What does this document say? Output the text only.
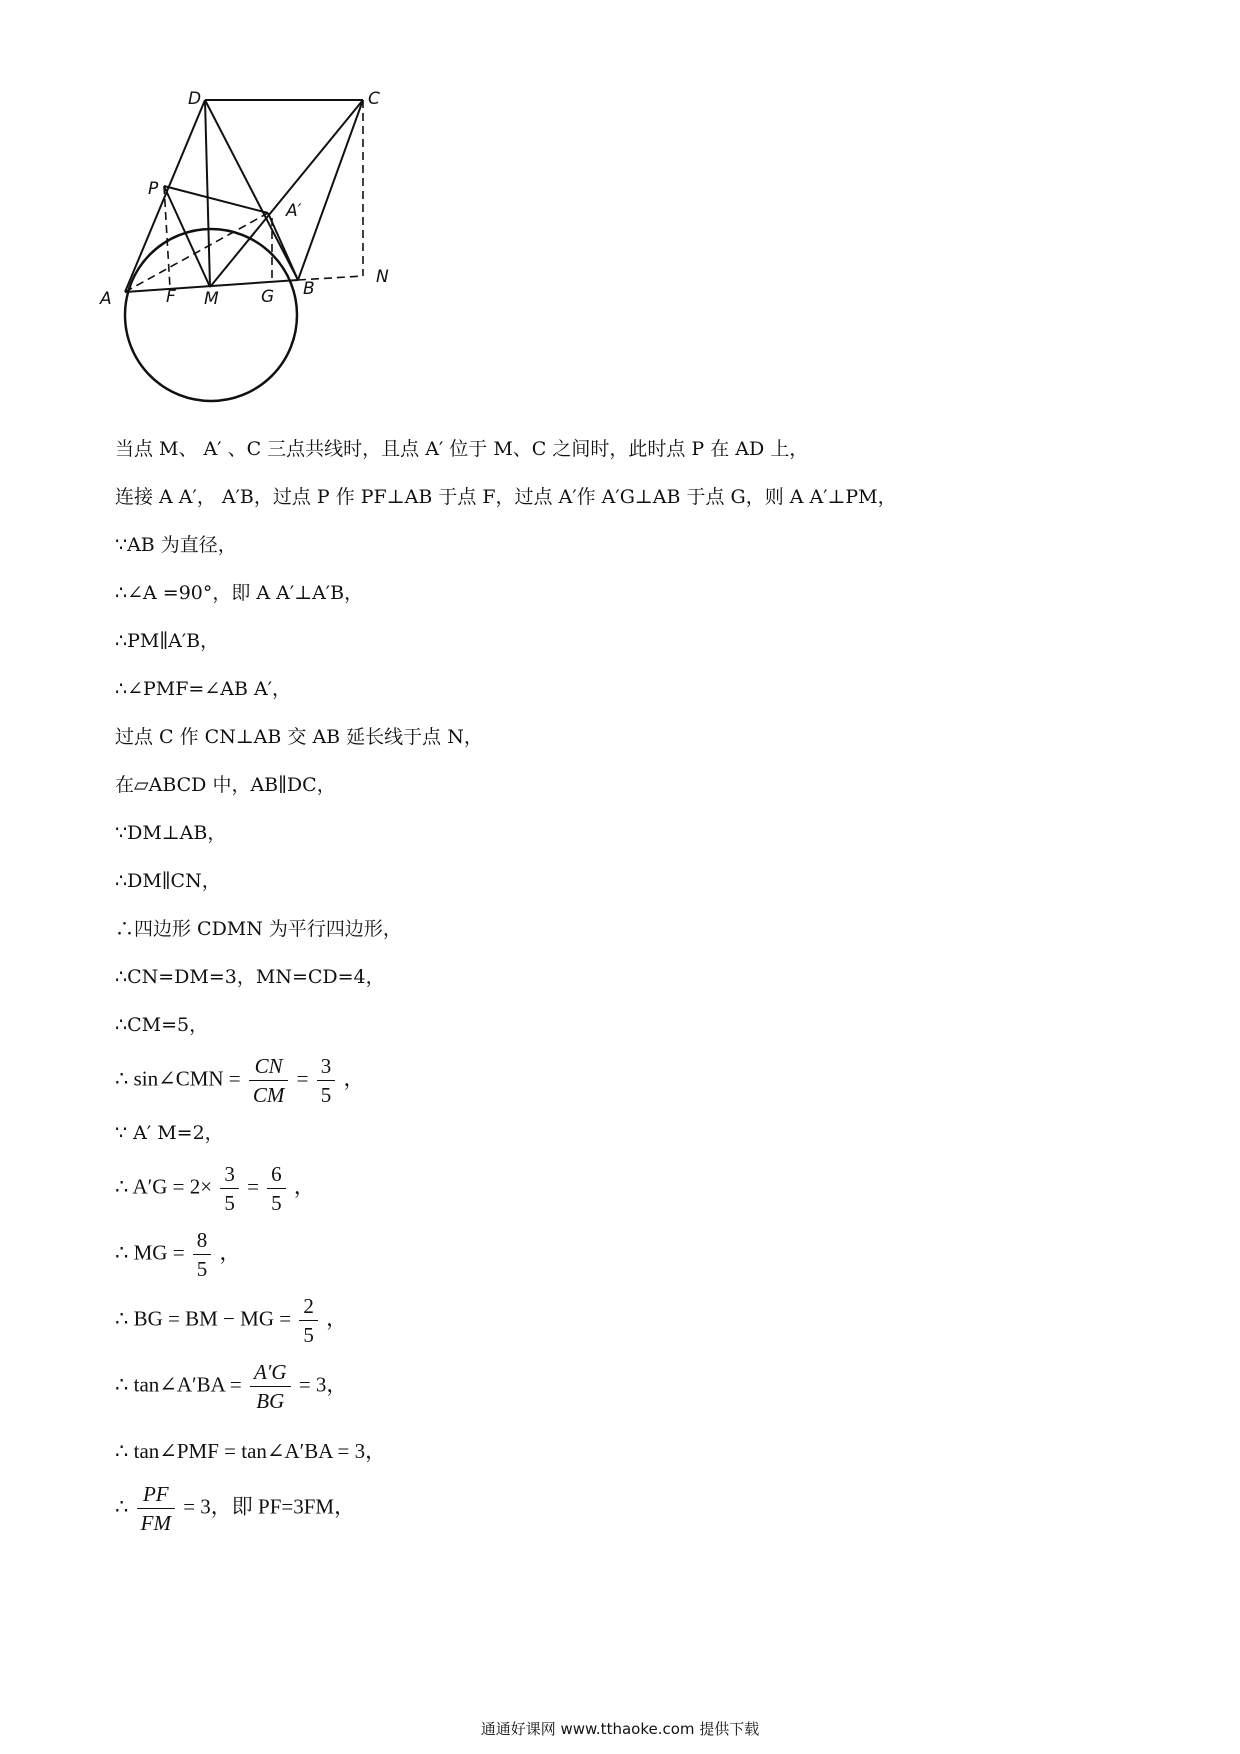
D	C
P
A′
N
A	F M G B
当点 M、 A′ 、C 三点共线时，且点 A′ 位于 M、C 之间时，此时点 P 在 AD 上，
连接 A A′， A′B，过点 P 作 PF⊥AB 于点 F，过点 A′作 A′G⊥AB 于点 G，则 A A′⊥PM，
∵AB 为直径，
∴∠A =90°，即 A A′⊥A′B，
∴PM∥A′B，
∴∠PMF=∠AB A′，
过点 C 作 CN⊥AB 交 AB 延长线于点 N，
在▱ABCD 中，AB∥DC，
∵DM⊥AB，
∴DM∥CN，
∴四边形 CDMN 为平行四边形，
∴CN=DM=3，MN=CD=4，
∴CM=5，
∴ sin∠CMN = $\frac{CN}{CM} = \frac{3}{5}$ ，
∵ A′ M=2，
∴ $A'G = 2\times \frac{3}{5} = \frac{6}{5}$ ，
∴ MG = $\frac{8}{5}$ ，
∴ BG = BM − MG = $\frac{2}{5}$ ，
∴ tan∠A′BA = $\frac{A'G}{BG} = 3$，
∴ tan∠PMF = tan∠A′BA = 3，
∴ $\frac{PF}{FM} = 3$，即 PF=3FM，
通通好课网 www.tthaoke.com 提供下载
